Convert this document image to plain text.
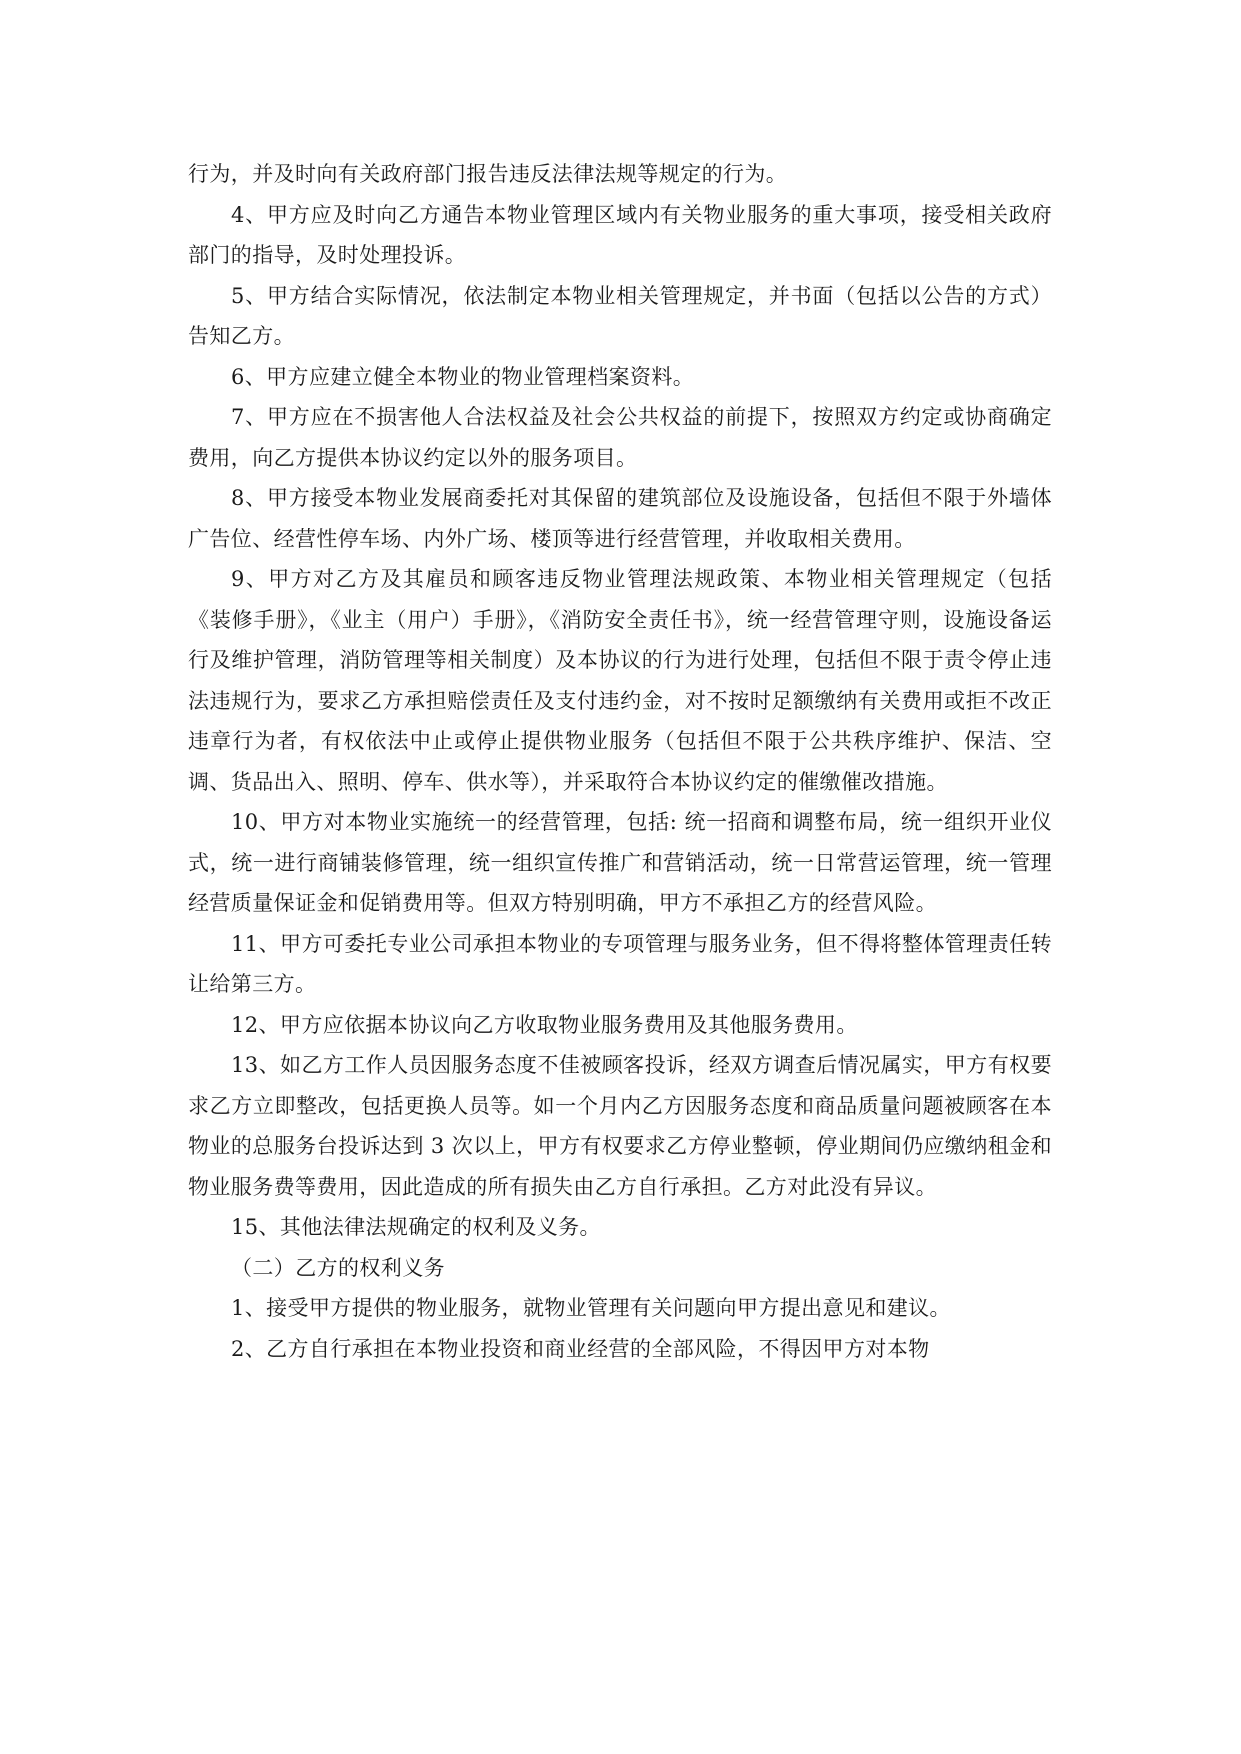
行为，并及时向有关政府部门报告违反法律法规等规定的行为。

4、甲方应及时向乙方通告本物业管理区域内有关物业服务的重大事项，接受相关政府部门的指导，及时处理投诉。

5、甲方结合实际情况，依法制定本物业相关管理规定，并书面（包括以公告的方式）告知乙方。

6、甲方应建立健全本物业的物业管理档案资料。

7、甲方应在不损害他人合法权益及社会公共权益的前提下，按照双方约定或协商确定费用，向乙方提供本协议约定以外的服务项目。

8、甲方接受本物业发展商委托对其保留的建筑部位及设施设备，包括但不限于外墙体广告位、经营性停车场、内外广场、楼顶等进行经营管理，并收取相关费用。

9、甲方对乙方及其雇员和顾客违反物业管理法规政策、本物业相关管理规定（包括《装修手册》，《业主（用户）手册》，《消防安全责任书》，统一经营管理守则，设施设备运行及维护管理，消防管理等相关制度）及本协议的行为进行处理，包括但不限于责令停止违法违规行为，要求乙方承担赔偿责任及支付违约金，对不按时足额缴纳有关费用或拒不改正违章行为者，有权依法中止或停止提供物业服务（包括但不限于公共秩序维护、保洁、空调、货品出入、照明、停车、供水等），并采取符合本协议约定的催缴催改措施。

10、甲方对本物业实施统一的经营管理，包括: 统一招商和调整布局，统一组织开业仪式，统一进行商铺装修管理，统一组织宣传推广和营销活动，统一日常营运管理，统一管理经营质量保证金和促销费用等。但双方特别明确，甲方不承担乙方的经营风险。

11、甲方可委托专业公司承担本物业的专项管理与服务业务，但不得将整体管理责任转让给第三方。

12、甲方应依据本协议向乙方收取物业服务费用及其他服务费用。

13、如乙方工作人员因服务态度不佳被顾客投诉，经双方调查后情况属实，甲方有权要求乙方立即整改，包括更换人员等。如一个月内乙方因服务态度和商品质量问题被顾客在本物业的总服务台投诉达到 3 次以上，甲方有权要求乙方停业整顿，停业期间仍应缴纳租金和物业服务费等费用，因此造成的所有损失由乙方自行承担。乙方对此没有异议。

15、其他法律法规确定的权利及义务。

（二）乙方的权利义务

1、接受甲方提供的物业服务，就物业管理有关问题向甲方提出意见和建议。

2、乙方自行承担在本物业投资和商业经营的全部风险，不得因甲方对本物
